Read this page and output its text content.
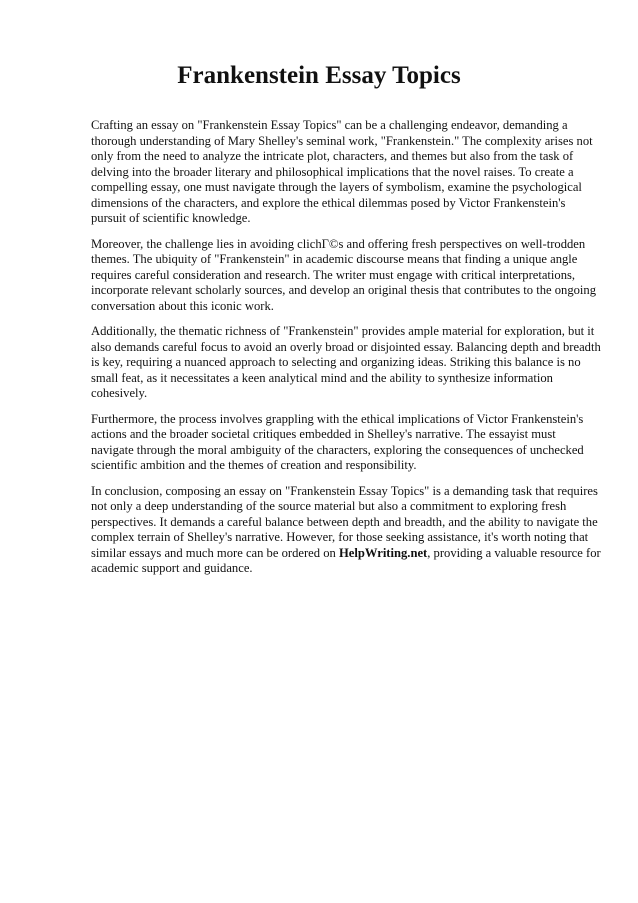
Frankenstein Essay Topics

Crafting an essay on "Frankenstein Essay Topics" can be a challenging endeavor, demanding a thorough understanding of Mary Shelley's seminal work, "Frankenstein." The complexity arises not only from the need to analyze the intricate plot, characters, and themes but also from the task of delving into the broader literary and philosophical implications that the novel raises. To create a compelling essay, one must navigate through the layers of symbolism, examine the psychological dimensions of the characters, and explore the ethical dilemmas posed by Victor Frankenstein's pursuit of scientific knowledge.

Moreover, the challenge lies in avoiding clichГ©s and offering fresh perspectives on well-trodden themes. The ubiquity of "Frankenstein" in academic discourse means that finding a unique angle requires careful consideration and research. The writer must engage with critical interpretations, incorporate relevant scholarly sources, and develop an original thesis that contributes to the ongoing conversation about this iconic work.

Additionally, the thematic richness of "Frankenstein" provides ample material for exploration, but it also demands careful focus to avoid an overly broad or disjointed essay. Balancing depth and breadth is key, requiring a nuanced approach to selecting and organizing ideas. Striking this balance is no small feat, as it necessitates a keen analytical mind and the ability to synthesize information cohesively.

Furthermore, the process involves grappling with the ethical implications of Victor Frankenstein's actions and the broader societal critiques embedded in Shelley's narrative. The essayist must navigate through the moral ambiguity of the characters, exploring the consequences of unchecked scientific ambition and the themes of creation and responsibility.

In conclusion, composing an essay on "Frankenstein Essay Topics" is a demanding task that requires not only a deep understanding of the source material but also a commitment to exploring fresh perspectives. It demands a careful balance between depth and breadth, and the ability to navigate the complex terrain of Shelley's narrative. However, for those seeking assistance, it's worth noting that similar essays and much more can be ordered on HelpWriting.net, providing a valuable resource for academic support and guidance.
